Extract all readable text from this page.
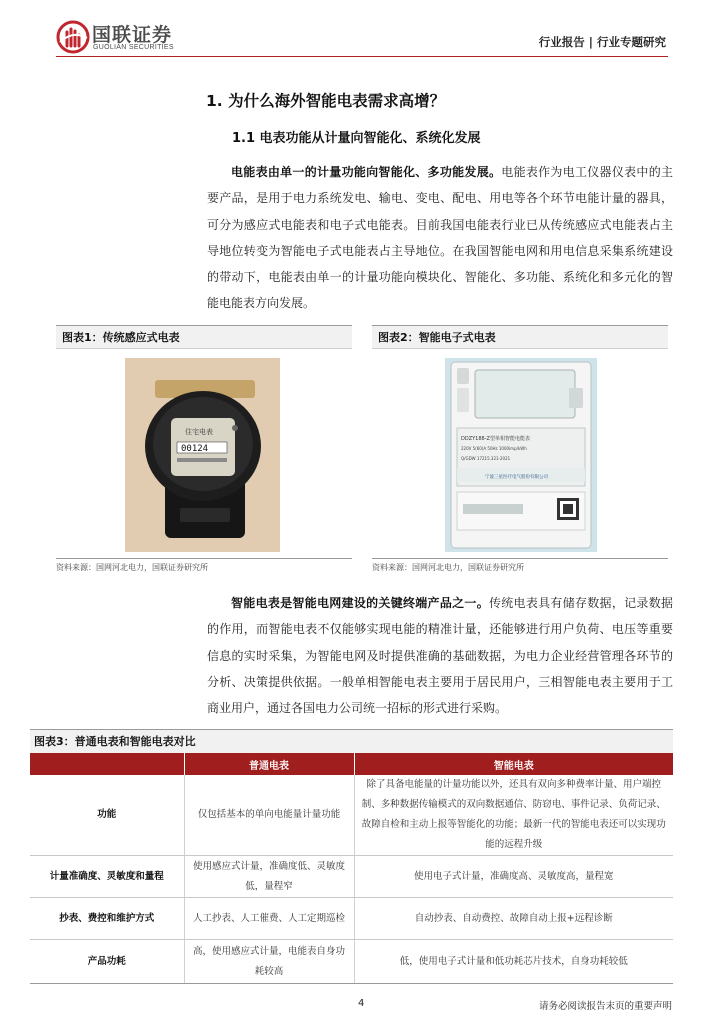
国联证券
GUOLIAN SECURITIES	行业报告 | 行业专题研究
1. 为什么海外智能电表需求高增？
1.1 电表功能从计量向智能化、系统化发展
电能表由单一的计量功能向智能化、多功能发展。电能表作为电工仪器仪表中的主要产品，是用于电力系统发电、输电、变电、配电、用电等各个环节电能计量的器具，可分为感应式电能表和电子式电能表。目前我国电能表行业已从传统感应式电能表占主导地位转变为智能电子式电能表占主导地位。在我国智能电网和用电信息采集系统建设的带动下，电能表由单一的计量功能向模块化、智能化、多功能、系统化和多元化的智能电能表方向发展。
图表1：传统感应式电表
住宅电表
00124
资料来源：国网河北电力，国联证券研究所
图表2：智能电子式电表
DDZY188-Z型单相智能电能表
220V 5(60)A 50Hz 1000imp/kWh
Q/GDW 17215.321-2021
宁波三星医疗电气股份有限公司
资料来源：国网河北电力，国联证券研究所
智能电表是智能电网建设的关键终端产品之一。传统电表具有储存数据，记录数据的作用，而智能电表不仅能够实现电能的精准计量，还能够进行用户负荷、电压等重要信息的实时采集，为智能电网及时提供准确的基础数据，为电力企业经营管理各环节的分析、决策提供依据。一般单相智能电表主要用于居民用户，三相智能电表主要用于工商业用户，通过各国电力公司统一招标的形式进行采购。
图表3：普通电表和智能电表对比
	普通电表	智能电表
功能	仅包括基本的单向电能量计量功能	除了具备电能量的计量功能以外，还具有双向多种费率计量、用户端控制、多种数据传输模式的双向数据通信、防窃电、事件记录、负荷记录、故障自检和主动上报等智能化的功能；最新一代的智能电表还可以实现功能的远程升级
计量准确度、灵敏度和量程	使用感应式计量，准确度低、灵敏度低，量程窄	使用电子式计量，准确度高、灵敏度高，量程宽
抄表、费控和维护方式	人工抄表、人工催费、人工定期巡检	自动抄表、自动费控、故障自动上报+远程诊断
产品功耗	高，使用感应式计量，电能表自身功耗较高	低，使用电子式计量和低功耗芯片技术，自身功耗较低
4	请务必阅读报告末页的重要声明
